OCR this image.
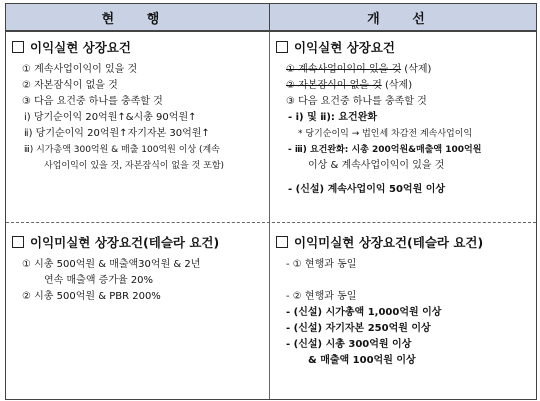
현 행	개 선
이익실현 상장요건
① 계속사업이익이 있을 것
② 자본잠식이 없을 것
③ 다음 요건중 하나를 충족할 것
ⅰ) 당기순이익 20억원↑&시총 90억원↑
ⅱ) 당기순이익 20억원↑자기자본 30억원↑
ⅲ) 시가총액 300억원 & 매출 100억원 이상 (계속
사업이익이 있을 것, 자본잠식이 없을 것 포함)
이익실현 상장요건
① 계속사업이익이 있을 것 (삭제)
② 자본잠식이 없을 것 (삭제)
③ 다음 요건중 하나를 충족할 것
- ⅰ) 및 ⅱ): 요건완화
* 당기순이익 → 법인세 차감전 계속사업이익
- ⅲ) 요건완화: 시총 200억원&매출액 100억원
이상 & 계속사업이익이 있을 것
- (신설) 계속사업이익 50억원 이상
이익미실현 상장요건(테슬라 요건)
① 시총 500억원 & 매출액30억원 & 2년
연속 매출액 증가율 20%
② 시총 500억원 & PBR 200%
이익미실현 상장요건(테슬라 요건)
- ① 현행과 동일
- ② 현행과 동일
- (신설) 시가총액 1,000억원 이상
- (신설) 자기자본 250억원 이상
- (신설) 시총 300억원 이상
& 매출액 100억원 이상
